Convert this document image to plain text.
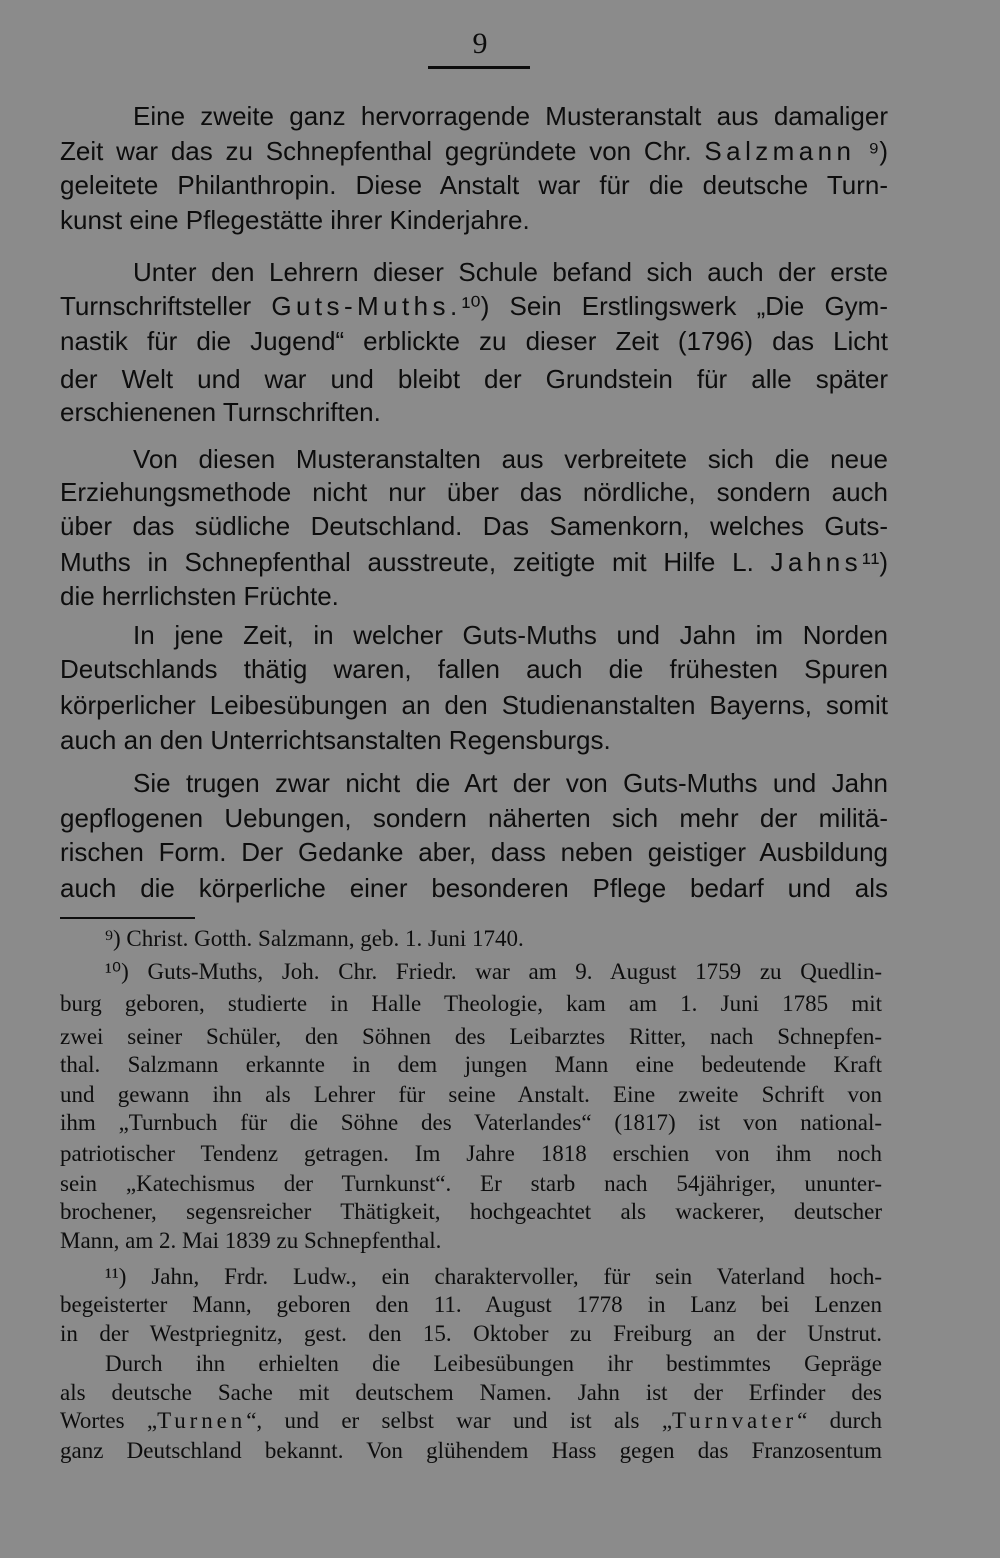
9
Eine zweite ganz hervorragende Musteranstalt aus damaliger
Zeit war das zu Schnepfenthal gegründete von Chr. Salzmann ⁹)
geleitete Philanthropin. Diese Anstalt war für die deutsche Turn-
kunst eine Pflegestätte ihrer Kinderjahre.
Unter den Lehrern dieser Schule befand sich auch der erste
Turnschriftsteller Guts-Muths.¹⁰) Sein Erstlingswerk „Die Gym-
nastik für die Jugend“ erblickte zu dieser Zeit (1796) das Licht
der Welt und war und bleibt der Grundstein für alle später
erschienenen Turnschriften.
Von diesen Musteranstalten aus verbreitete sich die neue
Erziehungsmethode nicht nur über das nördliche, sondern auch
über das südliche Deutschland. Das Samenkorn, welches Guts-
Muths in Schnepfenthal ausstreute, zeitigte mit Hilfe L. Jahns¹¹)
die herrlichsten Früchte.
In jene Zeit, in welcher Guts-Muths und Jahn im Norden
Deutschlands thätig waren, fallen auch die frühesten Spuren
körperlicher Leibesübungen an den Studienanstalten Bayerns, somit
auch an den Unterrichtsanstalten Regensburgs.
Sie trugen zwar nicht die Art der von Guts-Muths und Jahn
gepflogenen Uebungen, sondern näherten sich mehr der militä-
rischen Form. Der Gedanke aber, dass neben geistiger Ausbildung
auch die körperliche einer besonderen Pflege bedarf und als
⁹) Christ. Gotth. Salzmann, geb. 1. Juni 1740.
¹⁰) Guts-Muths, Joh. Chr. Friedr. war am 9. August 1759 zu Quedlin-
burg geboren, studierte in Halle Theologie, kam am 1. Juni 1785 mit
zwei seiner Schüler, den Söhnen des Leibarztes Ritter, nach Schnepfen-
thal. Salzmann erkannte in dem jungen Mann eine bedeutende Kraft
und gewann ihn als Lehrer für seine Anstalt. Eine zweite Schrift von
ihm „Turnbuch für die Söhne des Vaterlandes“ (1817) ist von national-
patriotischer Tendenz getragen. Im Jahre 1818 erschien von ihm noch
sein „Katechismus der Turnkunst“. Er starb nach 54jähriger, ununter-
brochener, segensreicher Thätigkeit, hochgeachtet als wackerer, deutscher
Mann, am 2. Mai 1839 zu Schnepfenthal.
¹¹) Jahn, Frdr. Ludw., ein charaktervoller, für sein Vaterland hoch-
begeisterter Mann, geboren den 11. August 1778 in Lanz bei Lenzen
in der Westpriegnitz, gest. den 15. Oktober zu Freiburg an der Unstrut.
Durch ihn erhielten die Leibesübungen ihr bestimmtes Gepräge
als deutsche Sache mit deutschem Namen. Jahn ist der Erfinder des
Wortes „Turnen“, und er selbst war und ist als „Turnvater“ durch
ganz Deutschland bekannt. Von glühendem Hass gegen das Franzosentum
